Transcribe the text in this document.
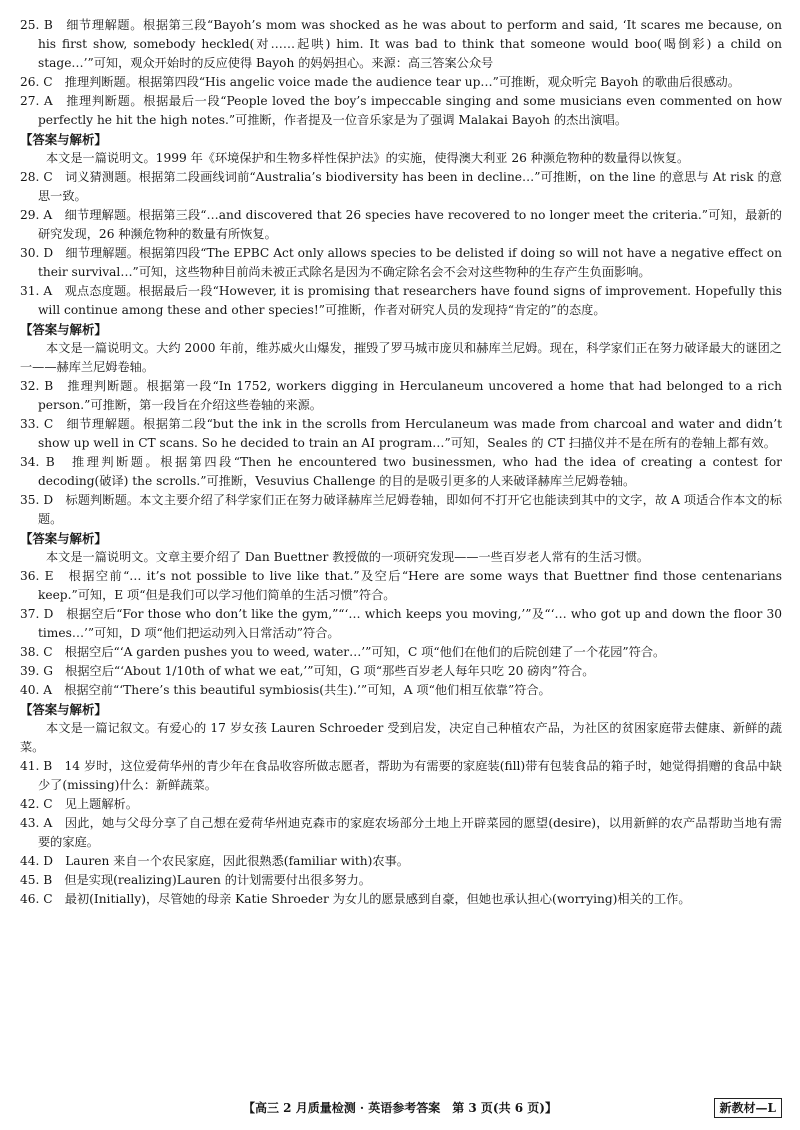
25. B　细节理解题。根据第三段“Bayoh’s mom was shocked as he was about to perform and said, ‘It scares me because, on his first show, somebody heckled(对……起哄) him. It was bad to think that someone would boo(喝倒彩) a child on stage…’”可知，观众开始时的反应使得 Bayoh 的妈妈担心。来源：高三答案公众号

26. C　推理判断题。根据第四段“His angelic voice made the audience tear up…”可推断，观众听完 Bayoh 的歌曲后很感动。

27. A　推理判断题。根据最后一段“People loved the boy’s impeccable singing and some musicians even commented on how perfectly he hit the high notes.”可推断，作者提及一位音乐家是为了强调 Malakai Bayoh 的杰出演唱。

【答案与解析】

本文是一篇说明文。1999 年《环境保护和生物多样性保护法》的实施，使得澳大利亚 26 种濒危物种的数量得以恢复。

28. C　词义猜测题。根据第二段画线词前“Australia’s biodiversity has been in decline…”可推断，on the line 的意思与 At risk 的意思一致。

29. A　细节理解题。根据第三段“…and discovered that 26 species have recovered to no longer meet the criteria.”可知，最新的研究发现，26 种濒危物种的数量有所恢复。

30. D　细节理解题。根据第四段“The EPBC Act only allows species to be delisted if doing so will not have a negative effect on their survival…”可知，这些物种目前尚未被正式除名是因为不确定除名会不会对这些物种的生存产生负面影响。

31. A　观点态度题。根据最后一段“However, it is promising that researchers have found signs of improvement. Hopefully this will continue among these and other species!”可推断，作者对研究人员的发现持“肯定的”的态度。

【答案与解析】

本文是一篇说明文。大约 2000 年前，维苏威火山爆发，摧毁了罗马城市庞贝和赫库兰尼姆。现在，科学家们正在努力破译最大的谜团之一——赫库兰尼姆卷轴。

32. B　推理判断题。根据第一段“In 1752, workers digging in Herculaneum uncovered a home that had belonged to a rich person.”可推断，第一段旨在介绍这些卷轴的来源。

33. C　细节理解题。根据第二段“but the ink in the scrolls from Herculaneum was made from charcoal and water and didn’t show up well in CT scans. So he decided to train an AI program…”可知，Seales 的 CT 扫描仪并不是在所有的卷轴上都有效。

34. B　推理判断题。根据第四段“Then he encountered two businessmen, who had the idea of creating a contest for decoding(破译) the scrolls.”可推断，Vesuvius Challenge 的目的是吸引更多的人来破译赫库兰尼姆卷轴。

35. D　标题判断题。本文主要介绍了科学家们正在努力破译赫库兰尼姆卷轴，即如何不打开它也能读到其中的文字，故 A 项适合作本文的标题。

【答案与解析】

本文是一篇说明文。文章主要介绍了 Dan Buettner 教授做的一项研究发现——一些百岁老人常有的生活习惯。

36. E　根据空前“… it’s not possible to live like that.”及空后“Here are some ways that Buettner find those centenarians keep.”可知，E 项“但是我们可以学习他们简单的生活习惯”符合。

37. D　根据空后“For those who don’t like the gym,”“‘… which keeps you moving,’”及“‘… who got up and down the floor 30 times…’”可知，D 项“他们把运动列入日常活动”符合。

38. C　根据空后“‘A garden pushes you to weed, water…’”可知，C 项“他们在他们的后院创建了一个花园”符合。

39. G　根据空后“‘About 1/10th of what we eat,’”可知，G 项“那些百岁老人每年只吃 20 磅肉”符合。

40. A　根据空前“‘There’s this beautiful symbiosis(共生).’”可知，A 项“他们相互依靠”符合。

【答案与解析】

本文是一篇记叙文。有爱心的 17 岁女孩 Lauren Schroeder 受到启发，决定自己种植农产品，为社区的贫困家庭带去健康、新鲜的蔬菜。

41. B　14 岁时，这位爱荷华州的青少年在食品收容所做志愿者，帮助为有需要的家庭装(fill)带有包装食品的箱子时，她觉得捐赠的食品中缺少了(missing)什么：新鲜蔬菜。

42. C　见上题解析。

43. A　因此，她与父母分享了自己想在爱荷华州迪克森市的家庭农场部分土地上开辟菜园的愿望(desire)，以用新鲜的农产品帮助当地有需要的家庭。

44. D　Lauren 来自一个农民家庭，因此很熟悉(familiar with)农事。

45. B　但是实现(realizing)Lauren 的计划需要付出很多努力。

46. C　最初(Initially)，尽管她的母亲 Katie Shroeder 为女儿的愿景感到自豪，但她也承认担心(worrying)相关的工作。

【高三 2 月质量检测 · 英语参考答案　第 3 页(共 6 页)】	新教材—L
